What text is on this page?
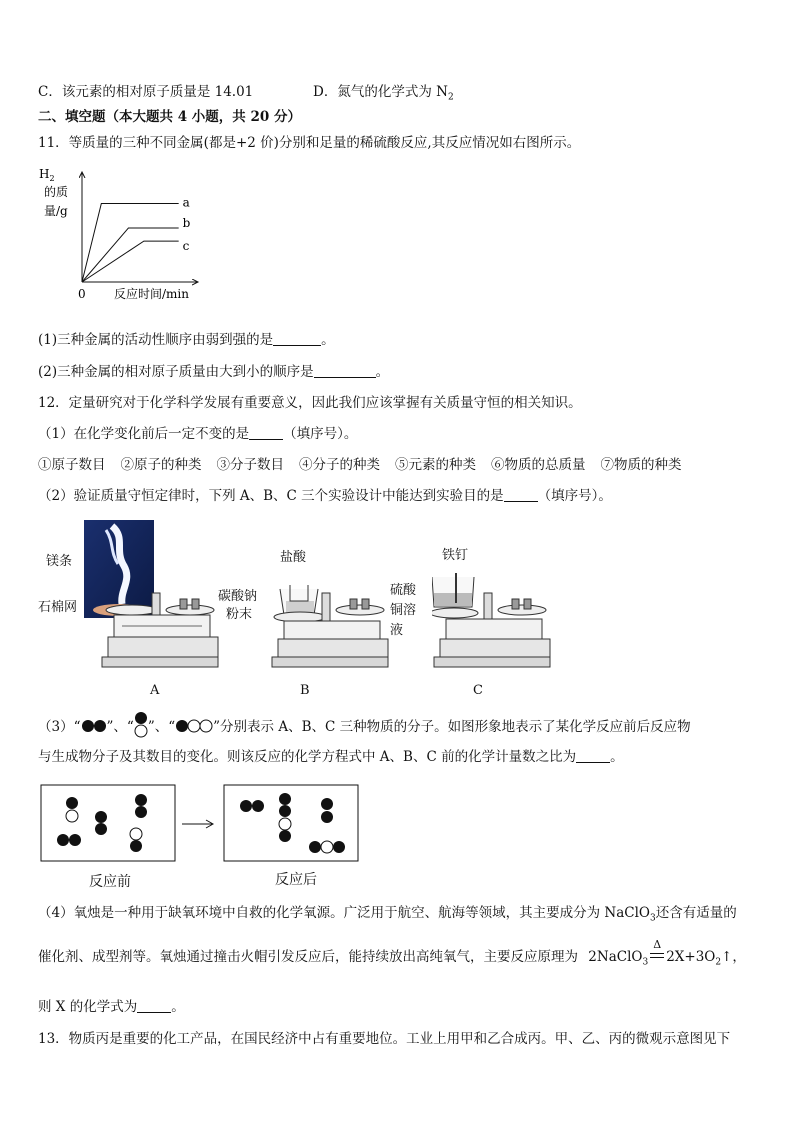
C．该元素的相对原子质量是 14.01	D．氮气的化学式为 $N_2$
二、填空题（本大题共 4 小题，共 20 分）
11．等质量的三种不同金属(都是+2 价)分别和足量的稀硫酸反应,其反应情况如右图所示。
a
b
c
$H_2$
的质
量/g
0 反应时间/min
(1)三种金属的活动性顺序由弱到强的是	。
(2)三种金属的相对原子质量由大到小的顺序是	。
12．定量研究对于化学科学发展有重要意义，因此我们应该掌握有关质量守恒的相关知识。
（1）在化学变化前后一定不变的是	（填序号）。
①原子数目 ②原子的种类 ③分子数目 ④分子的种类 ⑤元素的种类 ⑥物质的总质量 ⑦物质的种类
（2）验证质量守恒定律时，下列 A、B、C 三个实验设计中能达到实验目的是	（填序号）。
镁条
石棉网
盐酸
碳酸钠
粉末
铁钉
硫酸
铜溶
液
A	B	C
（3）“ ”、“ ”、“	”分别表示 A、B、C 三种物质的分子。如图形象地表示了某化学反应前后反应物
与生成物分子及其数目的变化。则该反应的化学方程式中 A、B、C 前的化学计量数之比为	。
反应前	反应后
（4）氧烛是一种用于缺氧环境中自救的化学氧源。广泛用于航空、航海等领域，其主要成分为 NaClO$_3$还含有适量的
催化剂、成型剂等。氧烛通过撞击火帽引发反应后，能持续放出高纯氧气，主要反应原理为 2NaClO$_3$
Δ
$2X+3O_2↑$，
则 X 的化学式为	。
13．物质丙是重要的化工产品，在国民经济中占有重要地位。工业上用甲和乙合成丙。甲、乙、丙的微观示意图见下
